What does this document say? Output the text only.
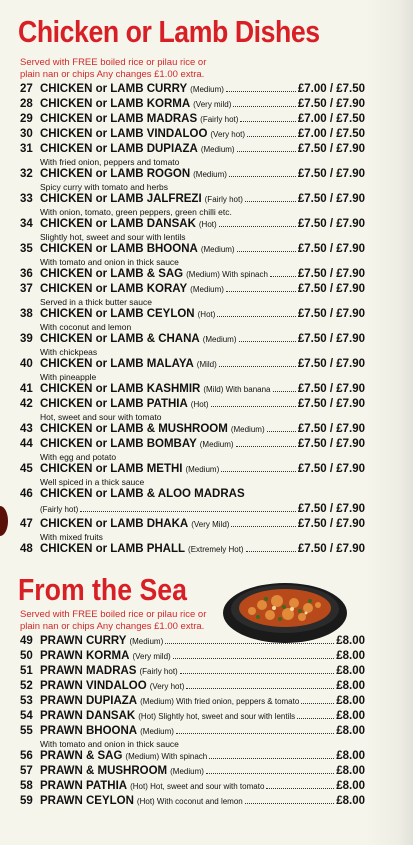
Chicken or Lamb Dishes
Served with FREE boiled rice or pilau rice or
plain nan or chips Any changes £1.00 extra.
27 CHICKEN or LAMB CURRY (Medium)	£7.00 / £7.50
28 CHICKEN or LAMB KORMA (Very mild)	£7.50 / £7.90
29 CHICKEN or LAMB MADRAS (Fairly hot)	£7.00 / £7.50
30 CHICKEN or LAMB VINDALOO (Very hot)	£7.00 / £7.50
31 CHICKEN or LAMB DUPIAZA (Medium)	£7.50 / £7.90
With fried onion, peppers and tomato
32 CHICKEN or LAMB ROGON (Medium)	£7.50 / £7.90
Spicy curry with tomato and herbs
33 CHICKEN or LAMB JALFREZI (Fairly hot)	£7.50 / £7.90
With onion, tomato, green peppers, green chilli etc.
34 CHICKEN or LAMB DANSAK (Hot)	£7.50 / £7.90
Slightly hot, sweet and sour with lentils
35 CHICKEN or LAMB BHOONA (Medium)	£7.50 / £7.90
With tomato and onion in thick sauce
36 CHICKEN or LAMB & SAG (Medium) With spinach	£7.50 / £7.90
37 CHICKEN or LAMB KORAY (Medium)	£7.50 / £7.90
Served in a thick butter sauce
38 CHICKEN or LAMB CEYLON (Hot)	£7.50 / £7.90
With coconut and lemon
39 CHICKEN or LAMB & CHANA (Medium)	£7.50 / £7.90
With chickpeas
40 CHICKEN or LAMB MALAYA (Mild)	£7.50 / £7.90
With pineapple
41 CHICKEN or LAMB KASHMIR (Mild) With banana £7.50 / £7.90
42 CHICKEN or LAMB PATHIA (Hot)	£7.50 / £7.90
Hot, sweet and sour with tomato
43 CHICKEN or LAMB & MUSHROOM (Medium)	£7.50 / £7.90
44 CHICKEN or LAMB BOMBAY (Medium)	£7.50 / £7.90
With egg and potato
45 CHICKEN or LAMB METHI (Medium)	£7.50 / £7.90
Well spiced in a thick sauce
46 CHICKEN or LAMB & ALOO MADRAS
(Fairly hot)	£7.50 / £7.90
47 CHICKEN or LAMB DHAKA (Very Mild)	£7.50 / £7.90
With mixed fruits
48 CHICKEN or LAMB PHALL (Extremely Hot)	£7.50 / £7.90
From the Sea
Served with FREE boiled rice or pilau rice or
plain nan or chips Any changes £1.00 extra.
49 PRAWN CURRY (Medium)	£8.00
50 PRAWN KORMA (Very mild)	£8.00
51 PRAWN MADRAS (Fairly hot)	£8.00
52 PRAWN VINDALOO (Very hot)	£8.00
53 PRAWN DUPIAZA (Medium) With fried onion, peppers & tomato	£8.00
54 PRAWN DANSAK (Hot) Slightly hot, sweet and sour with lentils	£8.00
55 PRAWN BHOONA (Medium)	£8.00
With tomato and onion in thick sauce
56 PRAWN & SAG (Medium) With spinach	£8.00
57 PRAWN & MUSHROOM (Medium)	£8.00
58 PRAWN PATHIA (Hot) Hot, sweet and sour with tomato	£8.00
59 PRAWN CEYLON (Hot) With coconut and lemon	£8.00
